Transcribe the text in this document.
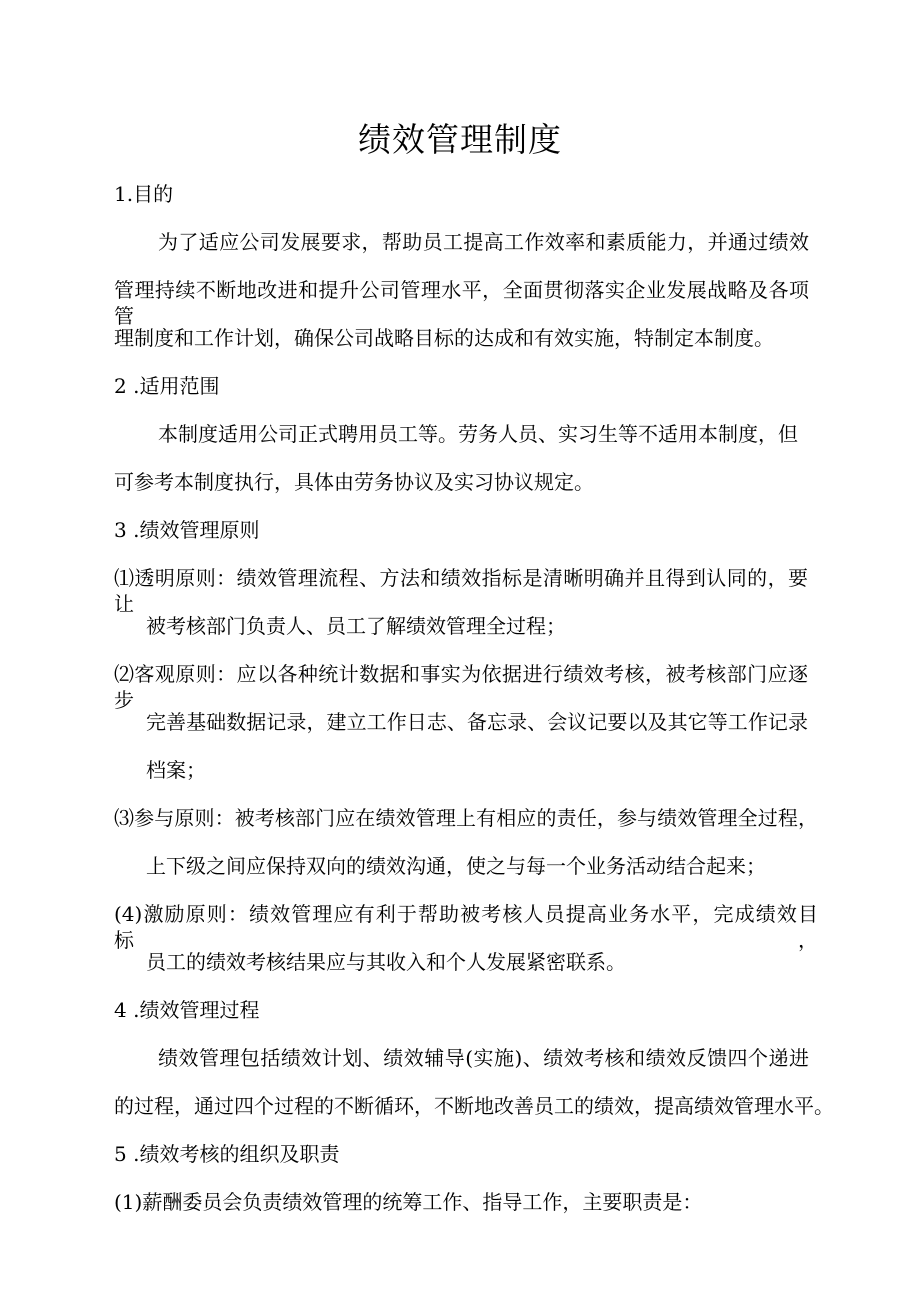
绩效管理制度
1.目的
为了适应公司发展要求，帮助员工提高工作效率和素质能力，并通过绩效
管理持续不断地改进和提升公司管理水平，全面贯彻落实企业发展战略及各项管
理制度和工作计划，确保公司战略目标的达成和有效实施，特制定本制度。
2 .适用范围
本制度适用公司正式聘用员工等。劳务人员、实习生等不适用本制度，但
可参考本制度执行，具体由劳务协议及实习协议规定。
3 .绩效管理原则
⑴透明原则：绩效管理流程、方法和绩效指标是清晰明确并且得到认同的，要让
被考核部门负责人、员工了解绩效管理全过程；
⑵客观原则：应以各种统计数据和事实为依据进行绩效考核，被考核部门应逐步
完善基础数据记录，建立工作日志、备忘录、会议记要以及其它等工作记录
档案；
⑶参与原则：被考核部门应在绩效管理上有相应的责任，参与绩效管理全过程，
上下级之间应保持双向的绩效沟通，使之与每一个业务活动结合起来；
(4)激励原则：绩效管理应有利于帮助被考核人员提高业务水平，完成绩效目标，
员工的绩效考核结果应与其收入和个人发展紧密联系。
4 .绩效管理过程
绩效管理包括绩效计划、绩效辅导(实施)、绩效考核和绩效反馈四个递进
的过程，通过四个过程的不断循环，不断地改善员工的绩效，提高绩效管理水平。
5 .绩效考核的组织及职责
(1)薪酬委员会负责绩效管理的统筹工作、指导工作，主要职责是：
